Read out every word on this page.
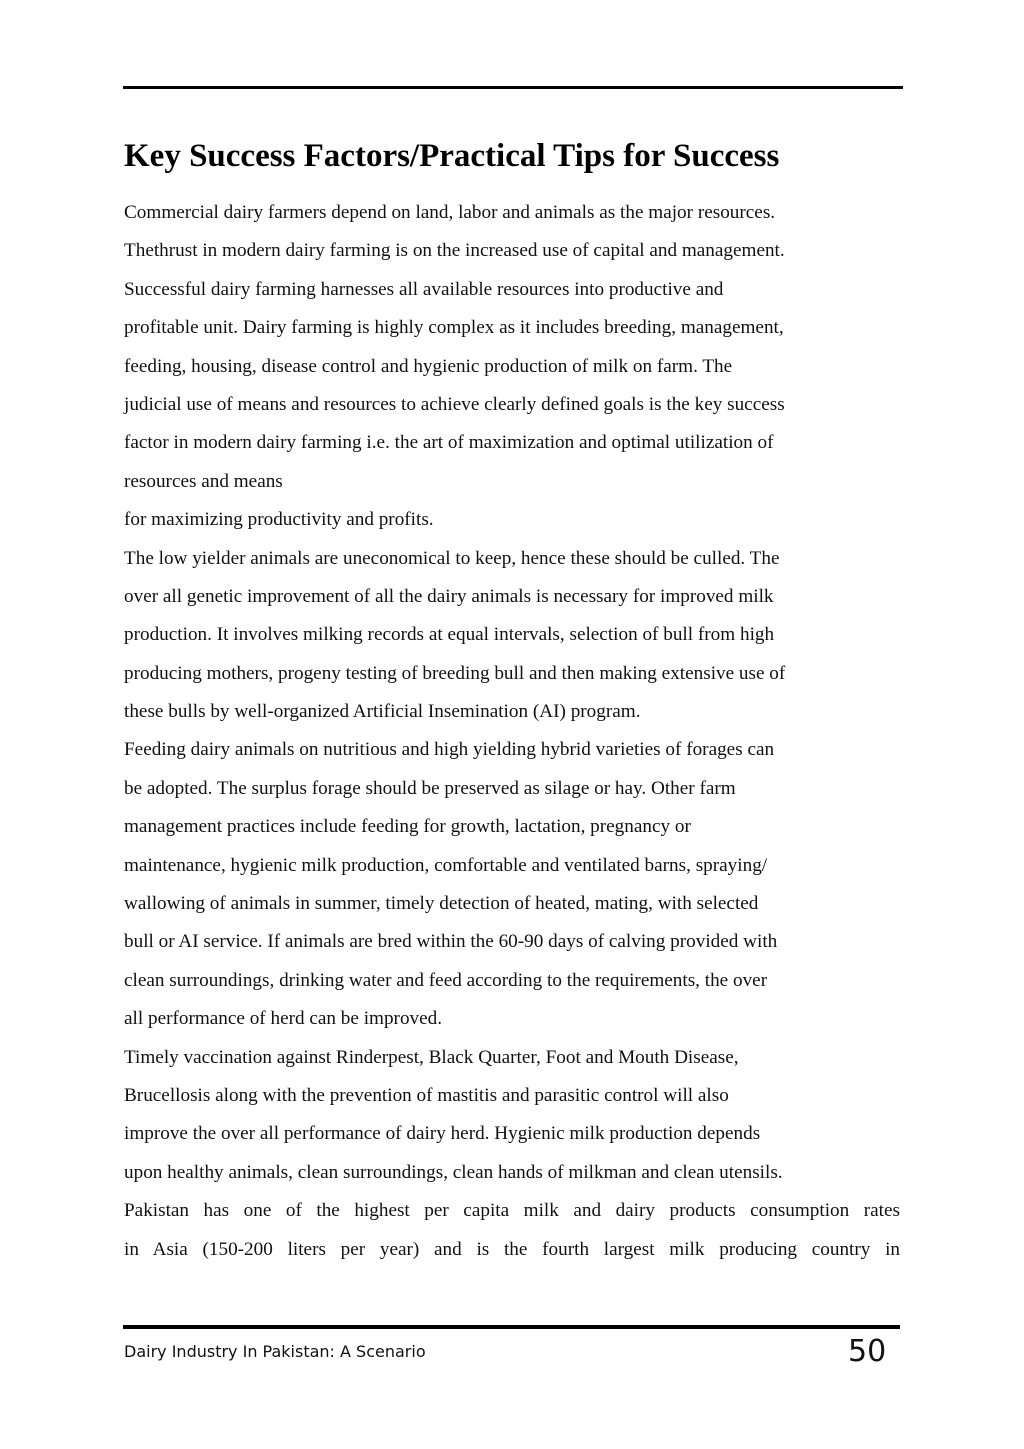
Key Success Factors/Practical Tips for Success
Commercial dairy farmers depend on land, labor and animals as the major resources.
Thethrust in modern dairy farming is on the increased use of capital and management.
Successful dairy farming harnesses all available resources into productive and
profitable unit. Dairy farming is highly complex as it includes breeding, management,
feeding, housing, disease control and hygienic production of milk on farm. The
judicial use of means and resources to achieve clearly defined goals is the key success
factor in modern dairy farming i.e. the art of maximization and optimal utilization of
resources and means
for maximizing productivity and profits.
The low yielder animals are uneconomical to keep, hence these should be culled. The
over all genetic improvement of all the dairy animals is necessary for improved milk
production. It involves milking records at equal intervals, selection of bull from high
producing mothers, progeny testing of breeding bull and then making extensive use of
these bulls by well-organized Artificial Insemination (AI) program.
Feeding dairy animals on nutritious and high yielding hybrid varieties of forages can
be adopted. The surplus forage should be preserved as silage or hay. Other farm
management practices include feeding for growth, lactation, pregnancy or
maintenance, hygienic milk production, comfortable and ventilated barns, spraying/
wallowing of animals in summer, timely detection of heated, mating, with selected
bull or AI service. If animals are bred within the 60-90 days of calving provided with
clean surroundings, drinking water and feed according to the requirements, the over
all performance of herd can be improved.
Timely vaccination against Rinderpest, Black Quarter, Foot and Mouth Disease,
Brucellosis along with the prevention of mastitis and parasitic control will also
improve the over all performance of dairy herd. Hygienic milk production depends
upon healthy animals, clean surroundings, clean hands of milkman and clean utensils.
Pakistan has one of the highest per capita milk and dairy products consumption rates
in Asia (150-200 liters per year) and is the fourth largest milk producing country in
Dairy Industry In Pakistan: A Scenario	50
